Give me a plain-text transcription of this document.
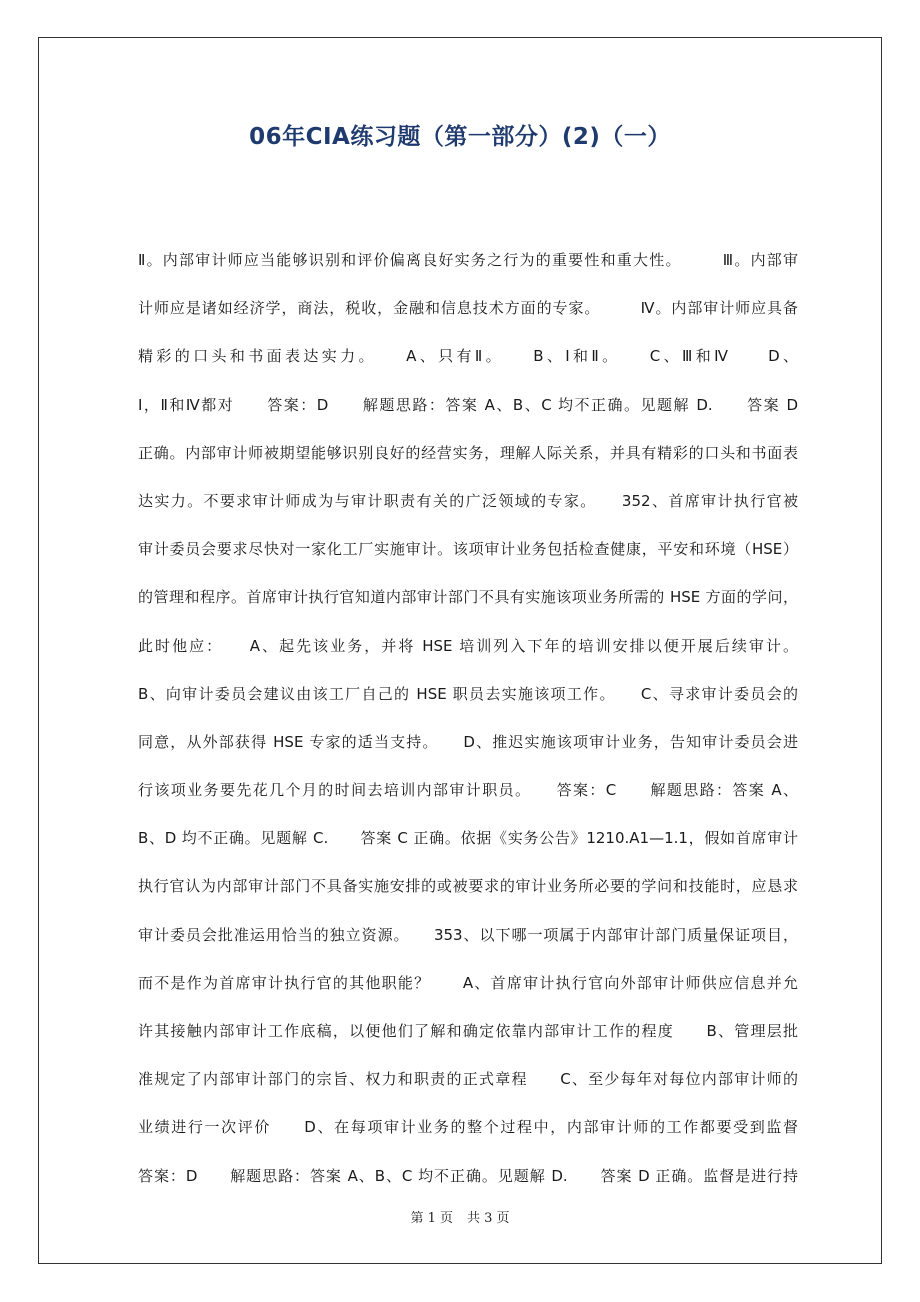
06年CIA练习题（第一部分）(2)（一）
Ⅱ。内部审计师应当能够识别和评价偏离良好实务之行为的重要性和重大性。　　　Ⅲ。内部审
计师应是诸如经济学，商法，税收，金融和信息技术方面的专家。　　　Ⅳ。内部审计师应具备
精彩的口头和书面表达实力。　　A、只有Ⅱ。　　B、Ⅰ和Ⅱ。　　C、Ⅲ和Ⅳ　　D、
Ⅰ，Ⅱ和Ⅳ都对　　答案：D　　解题思路：答案 A、B、C 均不正确。见题解 D.　　答案 D
正确。内部审计师被期望能够识别良好的经营实务，理解人际关系，并具有精彩的口头和书面表
达实力。不要求审计师成为与审计职责有关的广泛领域的专家。　　352、首席审计执行官被
审计委员会要求尽快对一家化工厂实施审计。该项审计业务包括检查健康，平安和环境（HSE）
的管理和程序。首席审计执行官知道内部审计部门不具有实施该项业务所需的 HSE 方面的学问，
此时他应：　　A、起先该业务，并将 HSE 培训列入下年的培训安排以便开展后续审计。
B、向审计委员会建议由该工厂自己的 HSE 职员去实施该项工作。　　C、寻求审计委员会的
同意，从外部获得 HSE 专家的适当支持。　　D、推迟实施该项审计业务，告知审计委员会进
行该项业务要先花几个月的时间去培训内部审计职员。　　答案：C　　解题思路：答案 A、
B、D 均不正确。见题解 C.　　答案 C 正确。依据《实务公告》1210.A1—1.1，假如首席审计
执行官认为内部审计部门不具备实施安排的或被要求的审计业务所必要的学问和技能时，应恳求
审计委员会批准运用恰当的独立资源。　　353、以下哪一项属于内部审计部门质量保证项目，
而不是作为首席审计执行官的其他职能？　　A、首席审计执行官向外部审计师供应信息并允
许其接触内部审计工作底稿，以便他们了解和确定依靠内部审计工作的程度　　B、管理层批
准规定了内部审计部门的宗旨、权力和职责的正式章程　　C、至少每年对每位内部审计师的
业绩进行一次评价　　D、在每项审计业务的整个过程中，内部审计师的工作都要受到监督
答案：D　　解题思路：答案 A、B、C 均不正确。见题解 D.　　答案 D 正确。监督是进行持
第 1 页 共 3 页
